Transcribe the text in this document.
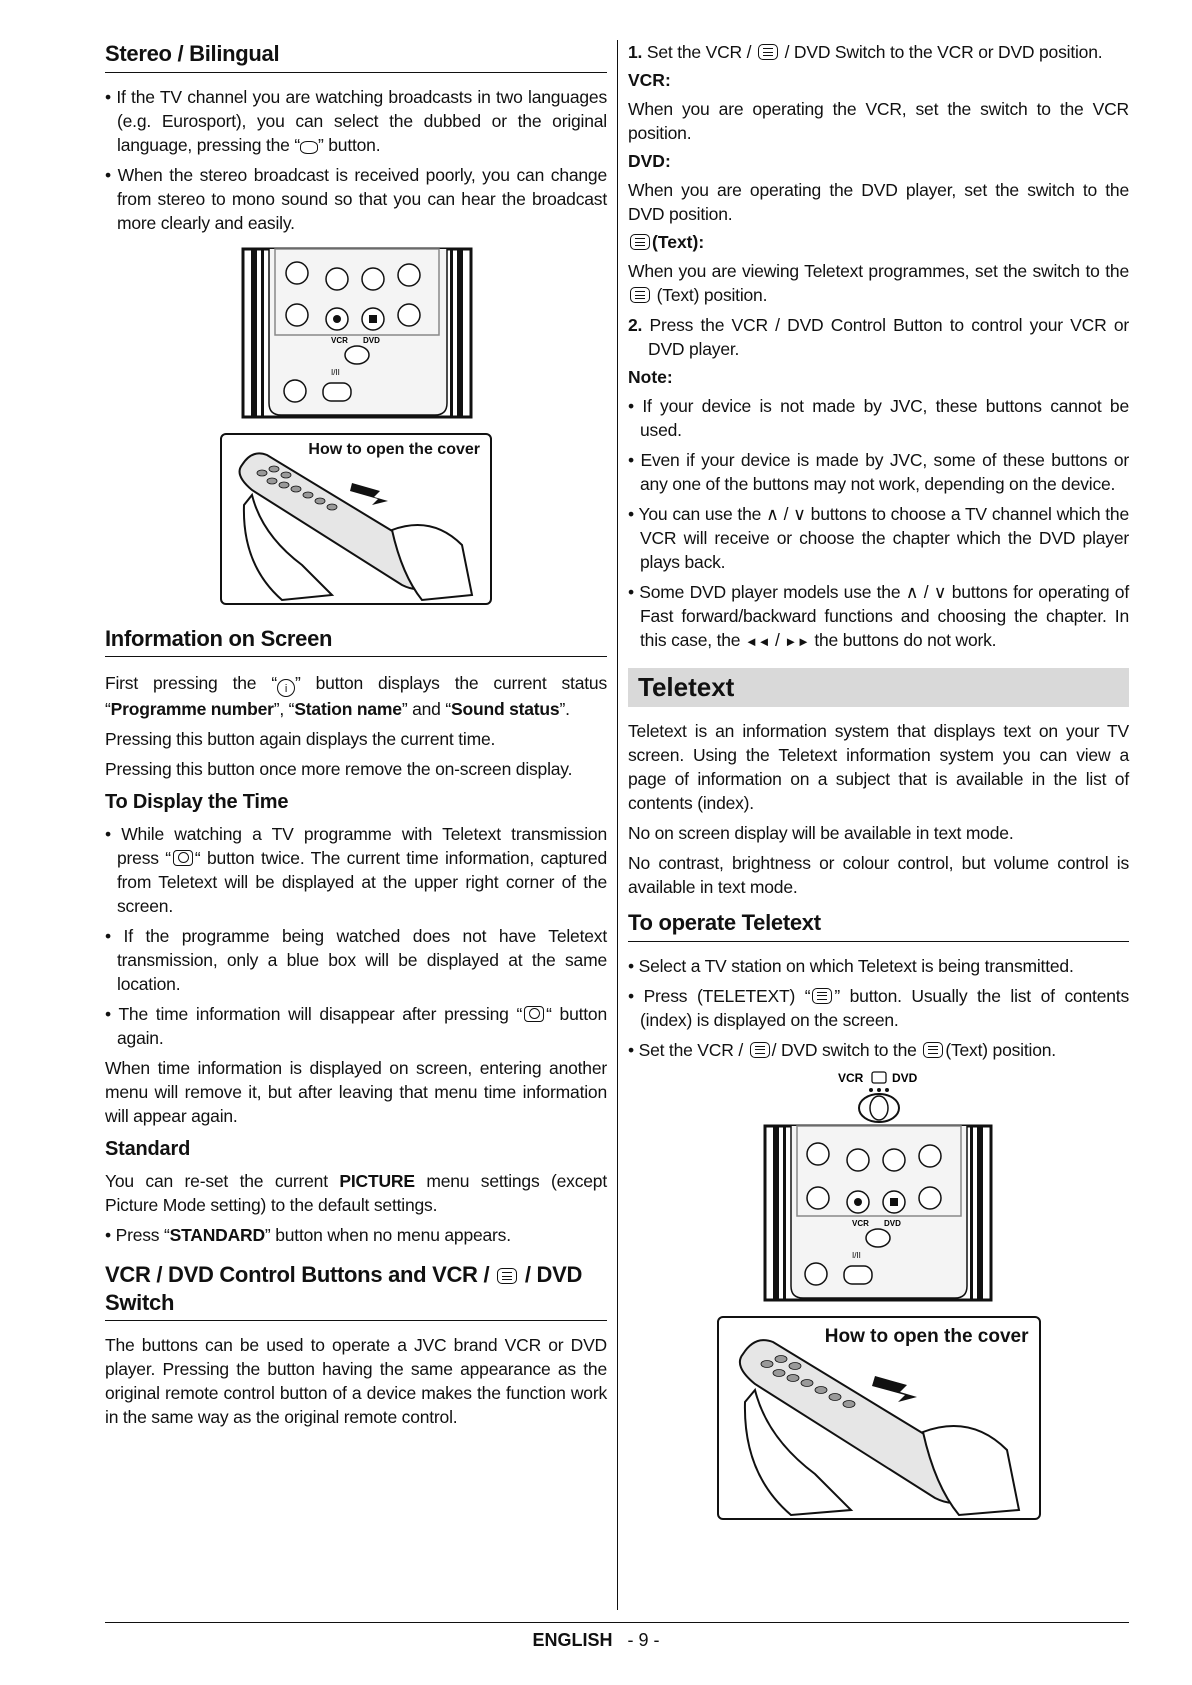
Stereo / Bilingual
• If the TV channel you are watching broadcasts in two languages (e.g. Eurosport), you can select the dubbed or the original language, pressing the “ ” button.
• When the stereo broadcast is received poorly, you can change from stereo to mono sound so that you can hear the broadcast more clearly and easily.
VCR DVD
I/II
How to open the cover
Information on Screen

First pressing the “ i ” button displays the current status “Programme number”, “Station name” and “Sound status”.

Pressing this button again displays the current time.

Pressing this button once more remove the on-screen display.

To Display the Time
• While watching a TV programme with Teletext transmission press “ “ button twice. The current time information, captured from Teletext will be displayed at the upper right corner of the screen.
• If the programme being watched does not have Teletext transmission, only a blue box will be displayed at the same location.
• The time information will disappear after pressing “ “ button again.

When time information is displayed on screen, entering another menu will remove it, but after leaving that menu time information will appear again.

Standard

You can re-set the current PICTURE menu settings (except Picture Mode setting) to the default settings.

• Press “STANDARD” button when no menu appears.
VCR / DVD Control Buttons and VCR /
/ DVD Switch

The buttons can be used to operate a JVC brand VCR or DVD player. Pressing the button having the same appearance as the original remote control button of a device makes the function work in the same way as the original remote control.

1. Set the VCR /
/ DVD Switch to the VCR or DVD position.
VCR:

When you are operating the VCR, set the switch to the VCR position.

DVD:

When you are operating the DVD player, set the switch to the DVD position.

(Text):

When you are viewing Teletext programmes, set the switch to the
(Text) position.

2. Press the VCR / DVD Control Button to control your VCR or DVD player.
Note:
• If your device is not made by JVC, these buttons cannot be used.
• Even if your device is made by JVC, some of these buttons or any one of the buttons may not work, depending on the device.
• You can use the ∧ / ∨ buttons to choose a TV channel which the VCR will receive or choose the chapter which the DVD player plays back.
• Some DVD player models use the ∧ / ∨ buttons for operating of Fast forward/backward functions and choosing the chapter. In this case, the ◄◄ / ►► the buttons do not work.
Teletext

Teletext is an information system that displays text on your TV screen. Using the Teletext information system you can view a page of information on a subject that is available in the list of contents (index).

No on screen display will be available in text mode.

No contrast, brightness or colour control, but volume control is available in text mode.

To operate Teletext
• Select a TV station on which Teletext is being transmitted.
• Press (TELETEXT) “ ” button. Usually the list of contents (index) is displayed on the screen.
• Set the VCR /
/ DVD switch to the
(Text) position.
VCR DVD
VCR DVD
I/II
How to open the cover
ENGLISH - 9 -
